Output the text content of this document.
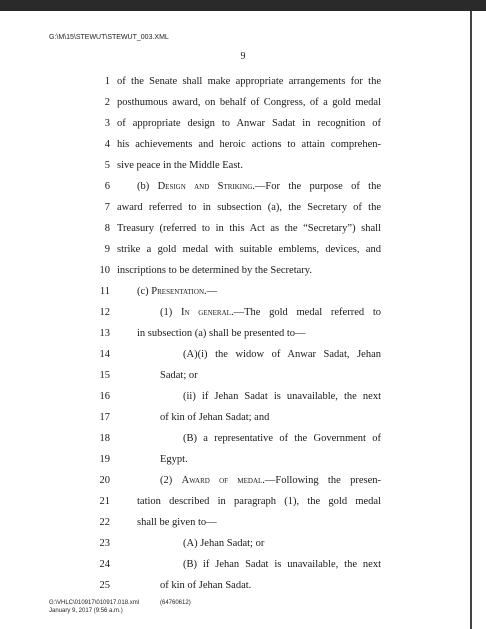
G:\M\15\STEWUT\STEWUT_003.XML
9
1 of the Senate shall make appropriate arrangements for the
2 posthumous award, on behalf of Congress, of a gold medal
3 of appropriate design to Anwar Sadat in recognition of
4 his achievements and heroic actions to attain comprehen-
5 sive peace in the Middle East.
6	(b) Design and Striking.—For the purpose of the
7 award referred to in subsection (a), the Secretary of the
8 Treasury (referred to in this Act as the “Secretary”) shall
9 strike a gold medal with suitable emblems, devices, and
10 inscriptions to be determined by the Secretary.
11	(c) Presentation.—
12	(1) In general.—The gold medal referred to
13	in subsection (a) shall be presented to—
14	(A)(i) the widow of Anwar Sadat, Jehan
15	Sadat; or
16	(ii) if Jehan Sadat is unavailable, the next
17	of kin of Jehan Sadat; and
18	(B) a representative of the Government of
19	Egypt.
20	(2) Award of medal.—Following the presen-
21	tation described in paragraph (1), the gold medal
22	shall be given to—
23	(A) Jehan Sadat; or
24	(B) if Jehan Sadat is unavailable, the next
25	of kin of Jehan Sadat.
G:\VHLC\010917\010917.018.xml	(64760612)
January 9, 2017 (9:56 a.m.)
